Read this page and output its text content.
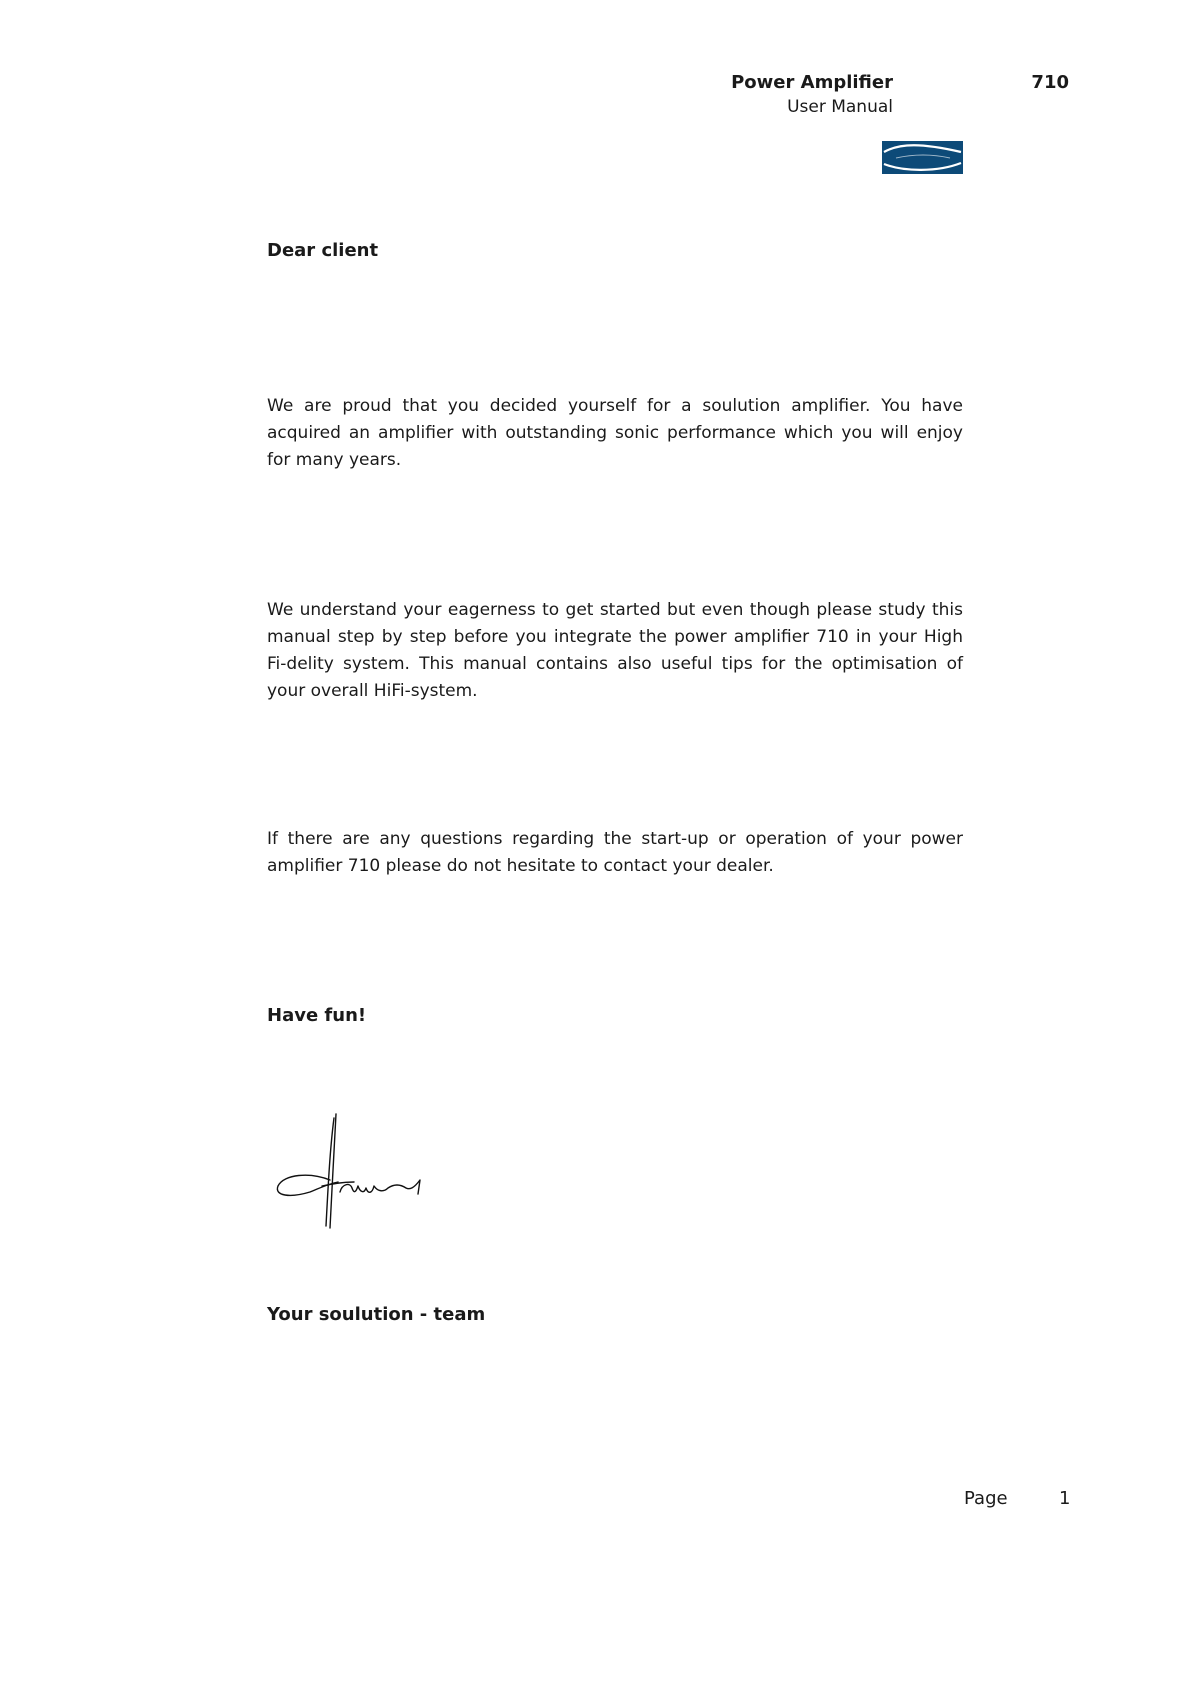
Power Amplifier	710
User Manual
Dear client

We are proud that you decided yourself for a soulution amplifier. You have acquired an amplifier with outstanding sonic performance which you will enjoy for many years.

We understand your eagerness to get started but even though please study this manual step by step before you integrate the power amplifier 710 in your High Fi-delity system. This manual contains also useful tips for the optimisation of your overall HiFi-system.

If there are any questions regarding the start-up or operation of your power amplifier 710 please do not hesitate to contact your dealer.

Have fun!
Your soulution - team
Page	1
